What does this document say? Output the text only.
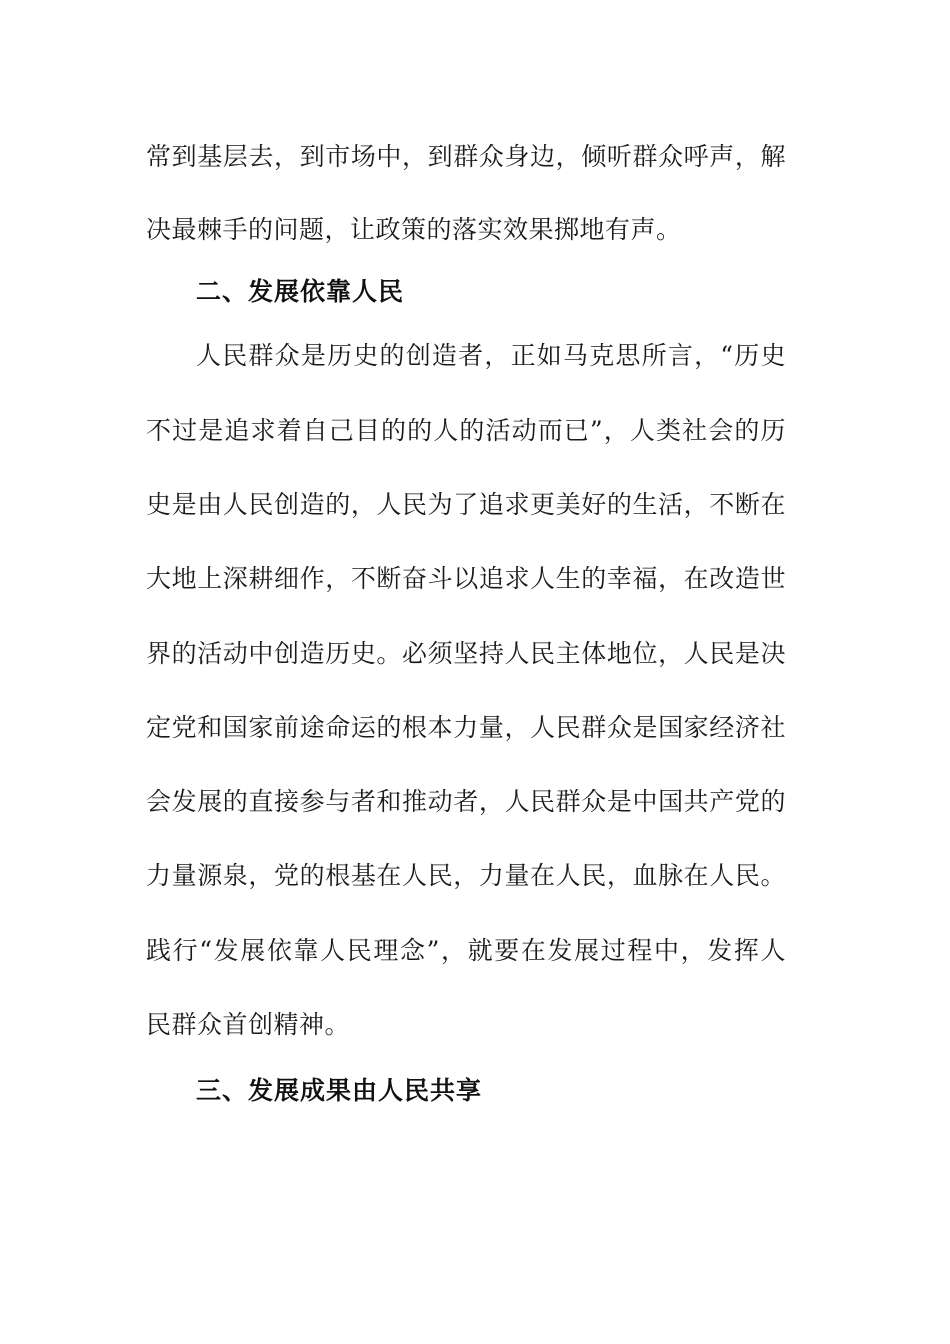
常到基层去，到市场中，到群众身边，倾听群众呼声，解
决最棘手的问题，让政策的落实效果掷地有声。
二、发展依靠人民
人民群众是历史的创造者，正如马克思所言，“历史
不过是追求着自己目的的人的活动而已”，人类社会的历
史是由人民创造的，人民为了追求更美好的生活，不断在
大地上深耕细作，不断奋斗以追求人生的幸福，在改造世
界的活动中创造历史。必须坚持人民主体地位，人民是决
定党和国家前途命运的根本力量，人民群众是国家经济社
会发展的直接参与者和推动者，人民群众是中国共产党的
力量源泉，党的根基在人民，力量在人民，血脉在人民。
践行“发展依靠人民理念”，就要在发展过程中，发挥人
民群众首创精神。
三、发展成果由人民共享
